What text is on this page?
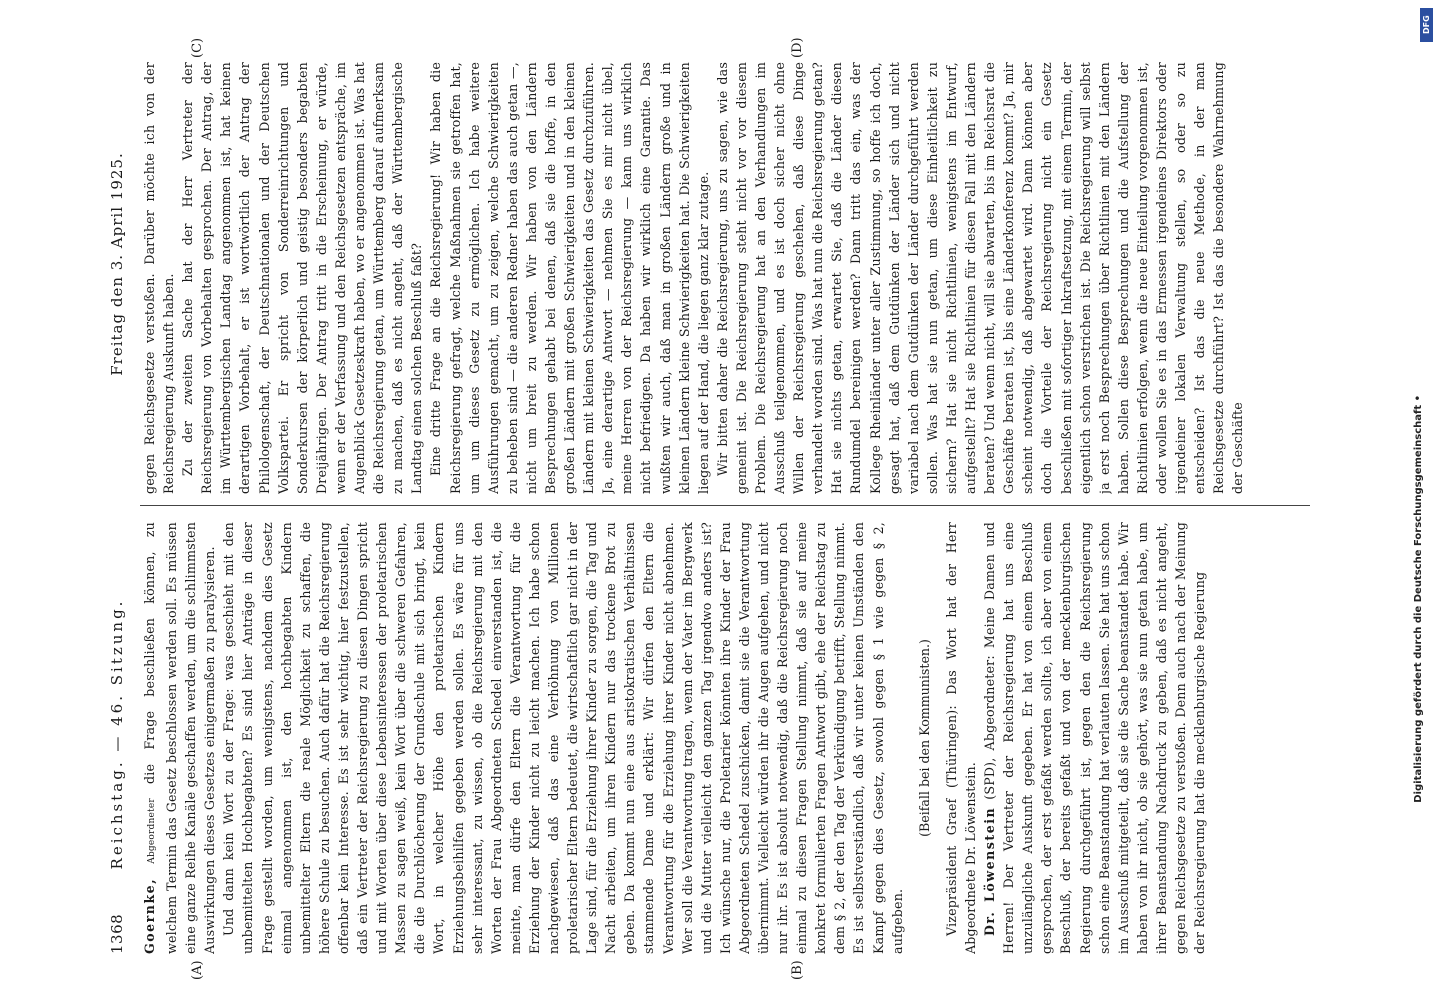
1368
Reichstag. — 46. Sitzung.
Freitag den 3. April 1925.
(A)	(B)
(C)	(D)

Goernke, Abgeordneter die Frage beschließen können, zu welchem Termin das Gesetz beschlossen werden soll. Es müssen eine ganze Reihe Kanäle geschaffen werden, um die schlimmsten Auswirkungen dieses Gesetzes einigermaßen zu paralysieren. Und dann kein Wort zu der Frage: was geschieht mit den unbemittelten Hochbegabten? Es sind hier Anträge in dieser Frage gestellt worden, um wenigstens, nachdem dies Gesetz einmal angenommen ist, den hochbegabten Kindern unbemittelter Eltern die reale Möglichkeit zu schaffen, die höhere Schule zu besuchen. Auch dafür hat die Reichsregierung offenbar kein Interesse. Es ist sehr wichtig, hier festzustellen, daß ein Vertreter der Reichsregierung zu diesen Dingen spricht und mit Worten über diese Lebensinteressen der proletarischen Massen zu sagen weiß, kein Wort über die schweren Gefahren, die die Durchlöcherung der Grundschule mit sich bringt, kein Wort, in welcher Höhe den proletarischen Kindern Erziehungsbeihilfen gegeben werden sollen. Es wäre für uns sehr interessant, zu wissen, ob die Reichsregierung mit den Worten der Frau Abgeordneten Schedel einverstanden ist, die meinte, man dürfe den Eltern die Verantwortung für die Erziehung der Kinder nicht zu leicht machen. Ich habe schon nachgewiesen, daß das eine Verhöhnung von Millionen proletarischer Eltern bedeutet, die wirtschaftlich gar nicht in der Lage sind, für die Erziehung ihrer Kinder zu sorgen, die Tag und Nacht arbeiten, um ihren Kindern nur das trockene Brot zu geben. Da kommt nun eine aus aristokratischen Verhältnissen stammende Dame und erklärt: Wir dürfen den Eltern die Verantwortung für die Erziehung ihrer Kinder nicht abnehmen. Wer soll die Verantwortung tragen, wenn der Vater im Bergwerk und die Mutter vielleicht den ganzen Tag irgendwo anders ist? Ich wünsche nur, die Proletarier könnten ihre Kinder der Frau Abgeordneten Schedel zuschicken, damit sie die Verantwortung übernimmt. Vielleicht würden ihr die Augen aufgehen, und nicht nur ihr. Es ist absolut notwendig, daß die Reichsregierung noch einmal zu diesen Fragen Stellung nimmt, daß sie auf meine konkret formulierten Fragen Antwort gibt, ehe der Reichstag zu dem § 2, der den Tag der Verkündigung betrifft, Stellung nimmt. Es ist selbstverständlich, daß wir unter keinen Umständen den Kampf gegen dies Gesetz, sowohl gegen § 1 wie gegen § 2, aufgeben.

(Beifall bei den Kommunisten.) Vizepräsident Graef (Thüringen): Das Wort hat der Herr Abgeordnete Dr. Löwenstein. Dr. Löwenstein (SPD), Abgeordneter: Meine Damen und Herren! Der Vertreter der Reichsregierung hat uns eine unzulängliche Auskunft gegeben. Er hat von einem Beschluß gesprochen, der erst gefaßt werden sollte, ich aber von einem Beschluß, der bereits gefaßt und von der mecklenburgischen Regierung durchgeführt ist, gegen den die Reichsregierung schon eine Beanstandung hat verlauten lassen. Sie hat uns schon im Ausschuß mitgeteilt, daß sie die Sache beanstandet habe. Wir haben von ihr nicht, ob sie gehört, was sie nun getan habe, um ihrer Beanstandung Nachdruck zu geben, daß es nicht angeht, gegen Reichsgesetze zu verstoßen. Denn auch nach der Meinung der Reichsregierung hat die mecklenburgische Regierung

gegen Reichsgesetze verstoßen. Darüber möchte ich von der Reichsregierung Auskunft haben. Zu der zweiten Sache hat der Herr Vertreter der Reichsregierung von Vorbehalten gesprochen. Der Antrag, der im Württembergischen Landtag angenommen ist, hat keinen derartigen Vorbehalt, er ist wortwörtlich der Antrag der Philologenschaft, der Deutschnationalen und der Deutschen Volkspartei. Er spricht von Sonderreinrichtungen und Sonderkursen der körperlich und geistig besonders begabten Dreijährigen. Der Antrag tritt in die Erscheinung, er würde, wenn er der Verfassung und den Reichsgesetzen entspräche, im Augenblick Gesetzeskraft haben, wo er angenommen ist. Was hat die Reichsregierung getan, um Württemberg darauf aufmerksam zu machen, daß es nicht angeht, daß der Württembergische Landtag einen solchen Beschluß faßt? Eine dritte Frage an die Reichsregierung! Wir haben die Reichsregierung gefragt, welche Maßnahmen sie getroffen hat, um um dieses Gesetz zu ermöglichen. Ich habe weitere Ausführungen gemacht, um zu zeigen, welche Schwierigkeiten zu beheben sind — die anderen Redner haben das auch getan —, nicht um breit zu werden. Wir haben von den Ländern Besprechungen gehabt bei denen, daß sie die hoffe, in den großen Ländern mit großen Schwierigkeiten und in den kleinen Ländern mit kleinen Schwierigkeiten das Gesetz durchzuführen. Ja, eine derartige Antwort — nehmen Sie es mir nicht übel, meine Herren von der Reichsregierung — kann uns wirklich nicht befriedigen. Da haben wir wirklich eine Garantie. Das wußten wir auch, daß man in großen Ländern große und in kleinen Ländern kleine Schwierigkeiten hat. Die Schwierigkeiten liegen auf der Hand, die liegen ganz klar zutage. Wir bitten daher die Reichsregierung, uns zu sagen, wie das gemeint ist. Die Reichsregierung steht nicht vor vor diesem Problem. Die Reichsregierung hat an den Verhandlungen im Ausschuß teilgenommen, und es ist doch sicher nicht ohne Willen der Reichsregierung geschehen, daß diese Dinge verhandelt worden sind. Was hat nun die Reichsregierung getan? Hat sie nichts getan, erwartet Sie, daß die Länder diesen Rundumdel bereinigen werden? Dann tritt das ein, was der Kollege Rheinländer unter aller Zustimmung, so hoffe ich doch, gesagt hat, daß dem Gutdünken der Länder sich und nicht variabel nach dem Gutdünken der Länder durchgeführt werden sollen. Was hat sie nun getan, um diese Einheitlichkeit zu sichern? Hat sie nicht Richtlinien, wenigstens im Entwurf, aufgestellt? Hat sie Richtlinien für diesen Fall mit den Ländern beraten? Und wenn nicht, will sie abwarten, bis im Reichsrat die Geschäfte beraten ist, bis eine Länderkonferenz kommt? Ja, mir scheint notwendig, daß abgewartet wird. Dann können aber doch die Vorteile der Reichsregierung nicht ein Gesetz beschließen mit sofortiger Inkraftsetzung, mit einem Termin, der eigentlich schon verstrichen ist. Die Reichsregierung will selbst ja erst noch Besprechungen über Richtlinien mit den Ländern haben. Sollen diese Besprechungen und die Aufstellung der Richtlinien erfolgen, wenn die neue Einteilung vorgenommen ist, oder wollen Sie es in das Ermessen irgendeines Direktors oder irgendeiner lokalen Verwaltung stellen, so oder so zu entscheiden? Ist das die neue Methode, in der man Reichsgesetze durchführt? Ist das die besondere Wahrnehmung der Geschäfte

DFG
Digitalisierung gefördert durch die Deutsche Forschungsgemeinschaft •
